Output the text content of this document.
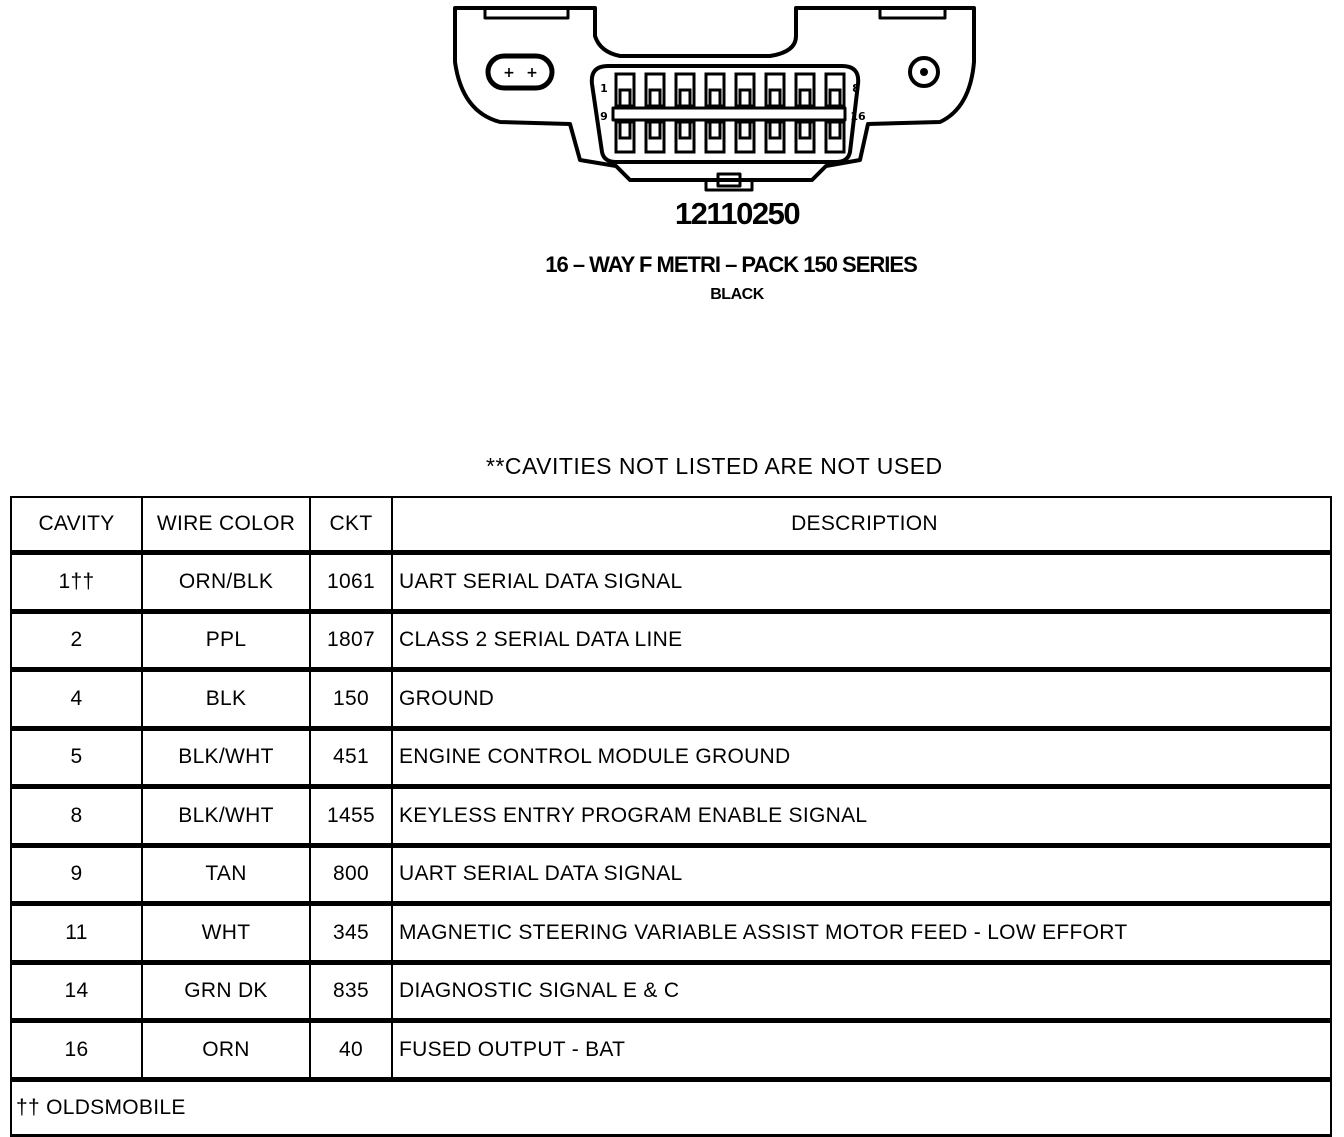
+ +
1	8
9	16
12110250
16 – WAY F METRI – PACK 150 SERIES
BLACK
**CAVITIES NOT LISTED ARE NOT USED
CAVITY	WIRE COLOR	CKT	DESCRIPTION
1††	ORN/BLK	1061	UART SERIAL DATA SIGNAL
2	PPL	1807	CLASS 2 SERIAL DATA LINE
4	BLK	150	GROUND
5	BLK/WHT	451	ENGINE CONTROL MODULE GROUND
8	BLK/WHT	1455	KEYLESS ENTRY PROGRAM ENABLE SIGNAL
9	TAN	800	UART SERIAL DATA SIGNAL
11	WHT	345	MAGNETIC STEERING VARIABLE ASSIST MOTOR FEED - LOW EFFORT
14	GRN DK	835	DIAGNOSTIC SIGNAL E & C
16	ORN	40	FUSED OUTPUT - BAT
†† OLDSMOBILE			
